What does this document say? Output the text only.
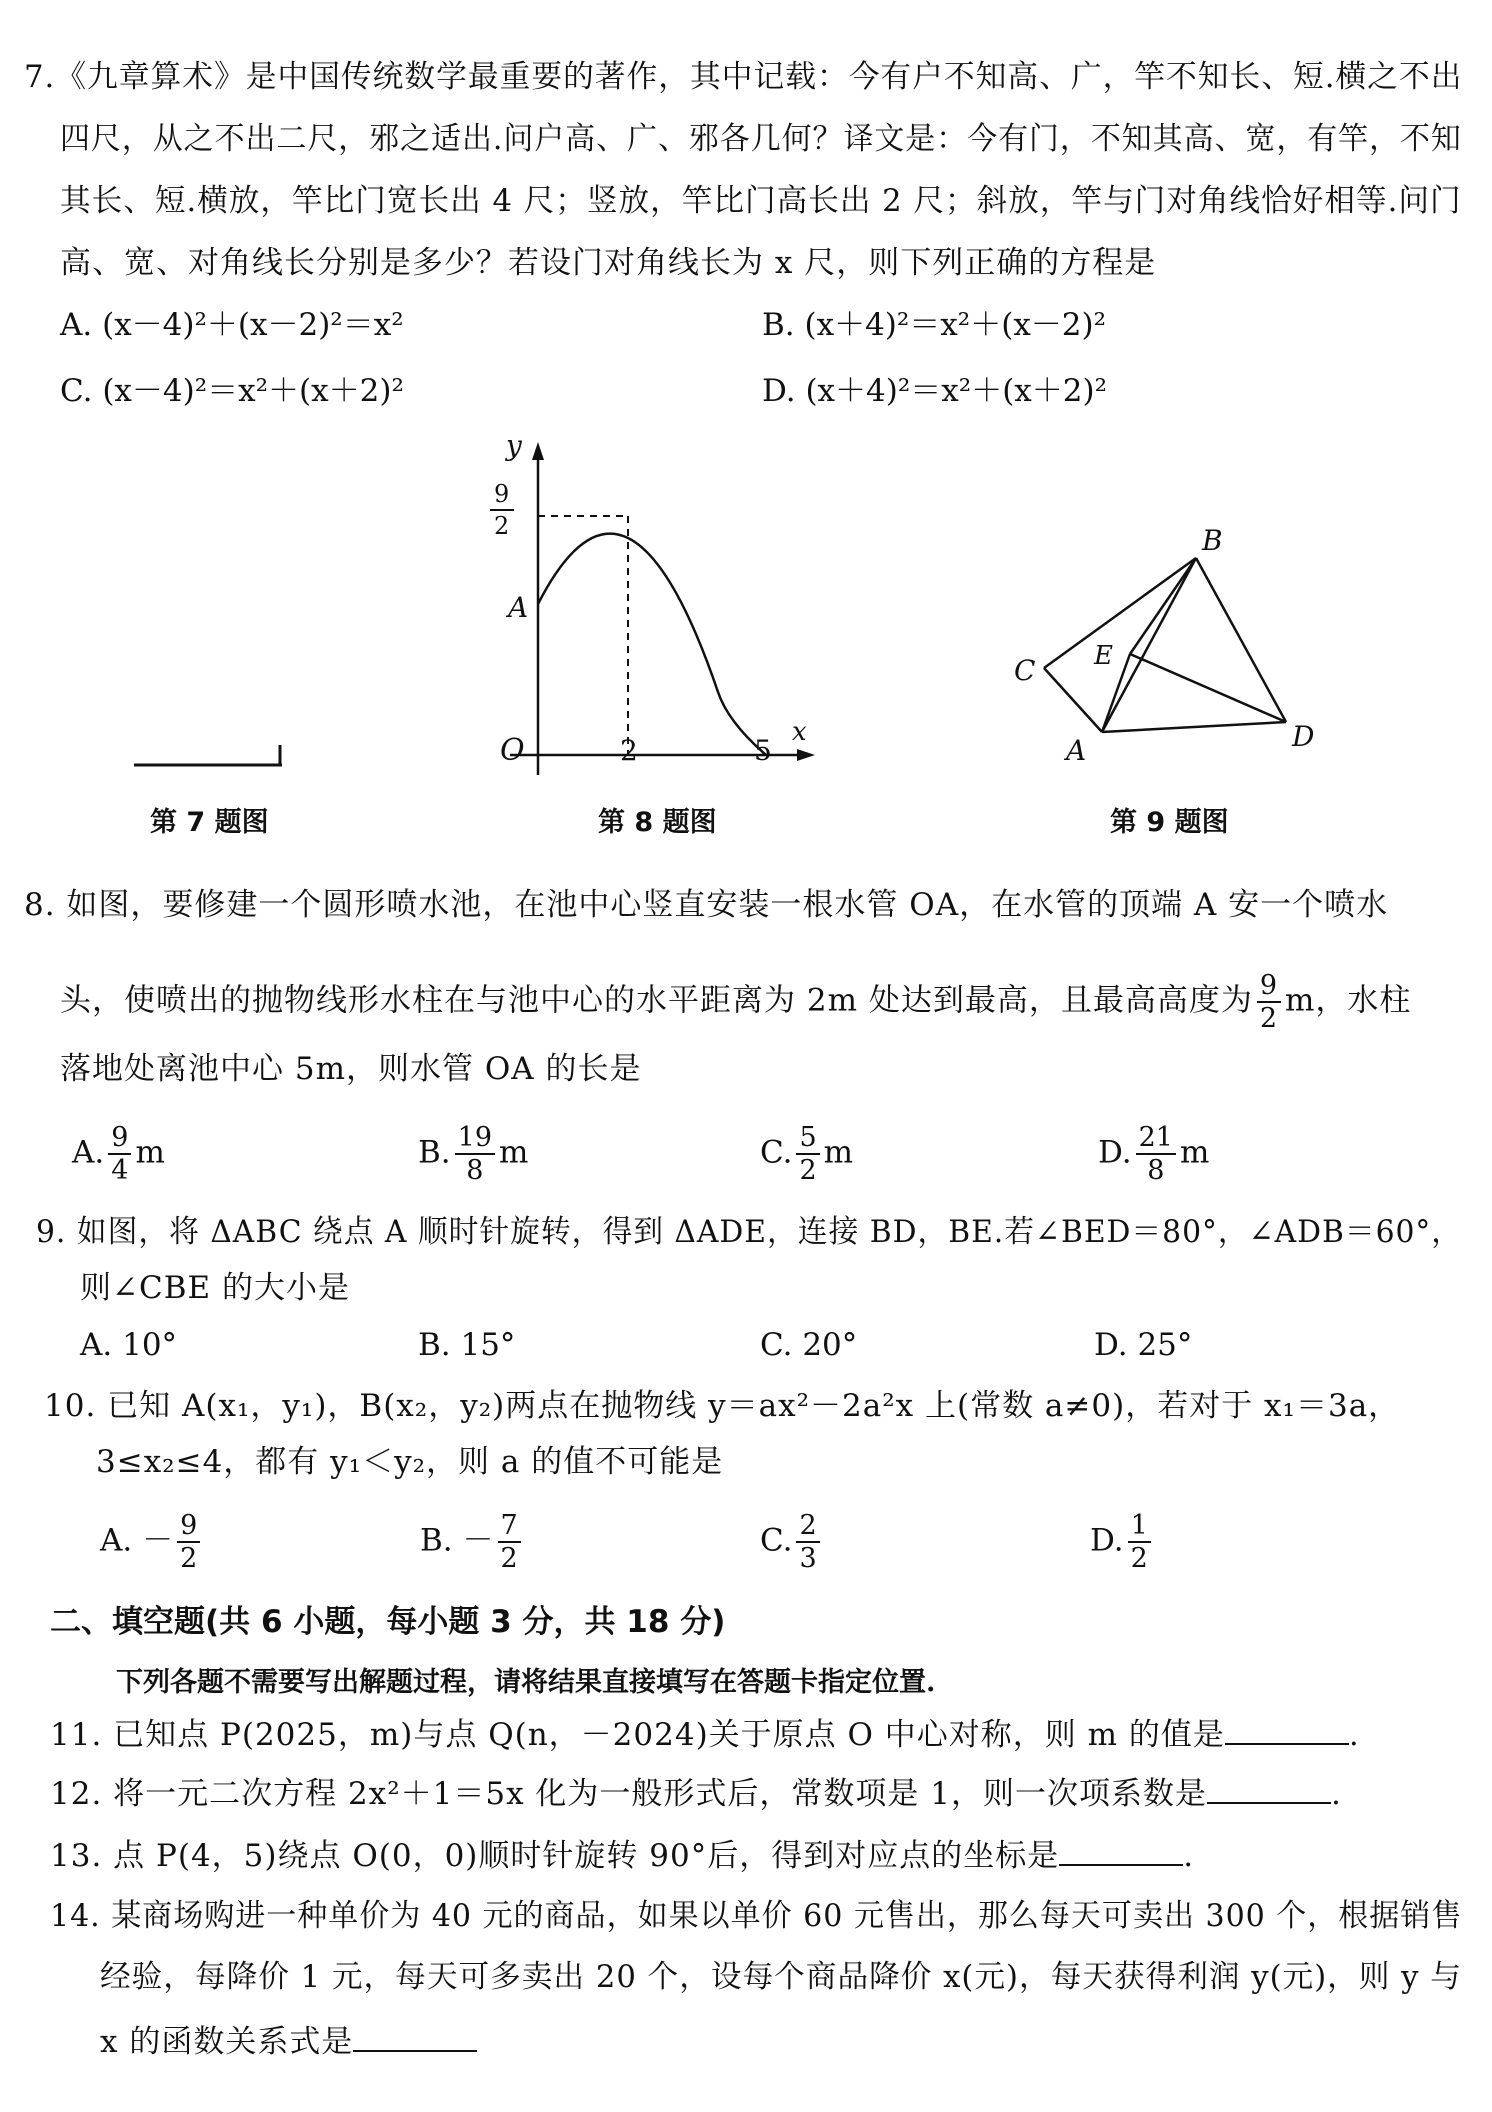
7.《九章算术》是中国传统数学最重要的著作，其中记载：今有户不知高、广，竿不知长、短.横之不出
四尺，从之不出二尺，邪之适出.问户高、广、邪各几何？译文是：今有门，不知其高、宽，有竿，不知
其长、短.横放，竿比门宽长出 4 尺；竖放，竿比门高长出 2 尺；斜放，竿与门对角线恰好相等.问门
高、宽、对角线长分别是多少？若设门对角线长为 x 尺，则下列正确的方程是
A. (x－4)²＋(x－2)²＝x²	B. (x＋4)²＝x²＋(x－2)²
C. (x－4)²＝x²＋(x＋2)²	D. (x＋4)²＝x²＋(x＋2)²
第 7 题图
y
9
2
A
O	2	5
x
第 8 题图
B
C E
A	D
第 9 题图
8. 如图，要修建一个圆形喷水池，在池中心竖直安装一根水管 OA，在水管的顶端 A 安一个喷水
头，使喷出的抛物线形水柱在与池中心的水平距离为 2m 处达到最高，且最高高度为 $\frac{9}{2}$ m，水柱
落地处离池中心 5m，则水管 OA 的长是
A. $\frac{9}{4}$ m	B. $\frac{19}{8}$ m	C. $\frac{5}{2}$ m	D. $\frac{21}{8}$ m
9. 如图，将 ΔABC 绕点 A 顺时针旋转，得到 ΔADE，连接 BD，BE.若∠BED＝80°，∠ADB＝60°，
则∠CBE 的大小是
A. 10°	B. 15°	C. 20°	D. 25°
10. 已知 A(x₁，y₁)，B(x₂，y₂)两点在抛物线 y＝ax²－2a²x 上(常数 a≠0)，若对于 x₁＝3a，
3≤x₂≤4，都有 y₁＜y₂，则 a 的值不可能是
A. － $\frac{9}{2}$	B. － $\frac{7}{2}$	C. $\frac{2}{3}$	D. $\frac{1}{2}$
二、填空题(共 6 小题，每小题 3 分，共 18 分)
下列各题不需要写出解题过程，请将结果直接填写在答题卡指定位置.
11. 已知点 P(2025，m)与点 Q(n，－2024)关于原点 O 中心对称，则 m 的值是	.
12. 将一元二次方程 2x²＋1＝5x 化为一般形式后，常数项是 1，则一次项系数是	.
13. 点 P(4，5)绕点 O(0，0)顺时针旋转 90°后，得到对应点的坐标是	.
14. 某商场购进一种单价为 40 元的商品，如果以单价 60 元售出，那么每天可卖出 300 个，根据销售
经验，每降价 1 元，每天可多卖出 20 个，设每个商品降价 x(元)，每天获得利润 y(元)，则 y 与
x 的函数关系式是
